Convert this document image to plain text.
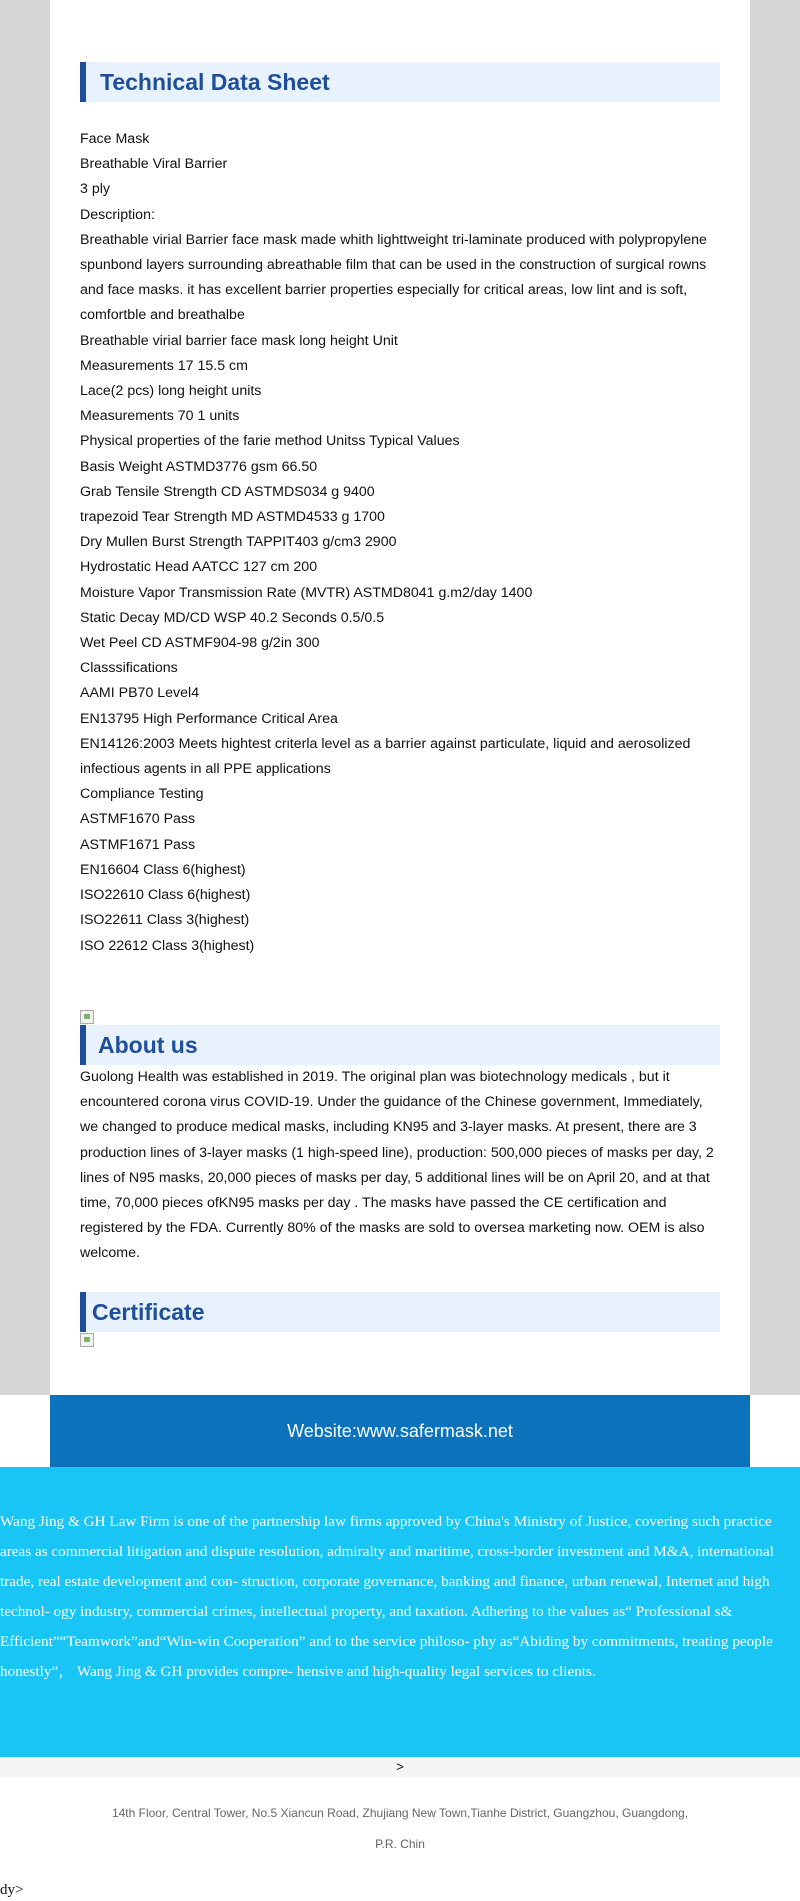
Technical Data Sheet

Face Mask

Breathable Viral Barrier

3 ply

Description:

Breathable virial Barrier face mask made whith lighttweight tri-laminate produced with polypropylene spunbond layers surrounding abreathable film that can be used in the construction of surgical rowns and face masks. it has excellent barrier properties especially for critical areas, low lint and is soft, comfortble and breathalbe

Breathable virial barrier face mask long height Unit

Measurements 17 15.5 cm

Lace(2 pcs) long height units

Measurements 70 1 units

Physical properties of the farie method Unitss Typical Values

Basis Weight ASTMD3776 gsm 66.50

Grab Tensile Strength CD ASTMDS034 g 9400

trapezoid Tear Strength MD ASTMD4533 g 1700

Dry Mullen Burst Strength TAPPIT403 g/cm3 2900

Hydrostatic Head AATCC 127 cm 200

Moisture Vapor Transmission Rate (MVTR) ASTMD8041 g.m2/day 1400

Static Decay MD/CD WSP 40.2 Seconds 0.5/0.5

Wet Peel CD ASTMF904-98 g/2in 300

Classsifications

AAMI PB70 Level4

EN13795 High Performance Critical Area

EN14126:2003 Meets hightest criterla level as a barrier against particulate, liquid and aerosolized infectious agents in all PPE applications

Compliance Testing

ASTMF1670 Pass

ASTMF1671 Pass

EN16604 Class 6(highest)

ISO22610 Class 6(highest)

ISO22611 Class 3(highest)

ISO 22612 Class 3(highest)

About us

Guolong Health was established in 2019. The original plan was biotechnology medicals , but it encountered corona virus COVID-19. Under the guidance of the Chinese government, Immediately, we changed to produce medical masks, including KN95 and 3-layer masks. At present, there are 3 production lines of 3-layer masks (1 high-speed line), production: 500,000 pieces of masks per day, 2 lines of N95 masks, 20,000 pieces of masks per day, 5 additional lines will be on April 20, and at that time, 70,000 pieces ofKN95 masks per day . The masks have passed the CE certification and registered by the FDA. Currently 80% of the masks are sold to oversea marketing now. OEM is also welcome.

Certificate
Website:www.safermask.net

Wang Jing & GH Law Firm is one of the partnership law firms approved by China's Ministry of Justice, covering such practice areas as commercial litigation and dispute resolution, admiralty and maritime, cross-border investment and M&A, international trade, real estate development and con- struction, corporate governance, banking and finance, urban renewal, Internet and high technol- ogy industry, commercial crimes, intellectual property, and taxation. Adhering to the values as“ Professional s& Efficient”“Teamwork”and“Win-win Cooperation” and to the service philoso- phy as“Abiding by commitments, treating people honestly”， Wang Jing & GH provides compre- hensive and high-quality legal services to clients.

>
14th Floor, Central Tower, No.5 Xiancun Road, Zhujiang New Town,Tianhe District, Guangzhou, Guangdong,
P.R. Chin
dy>
